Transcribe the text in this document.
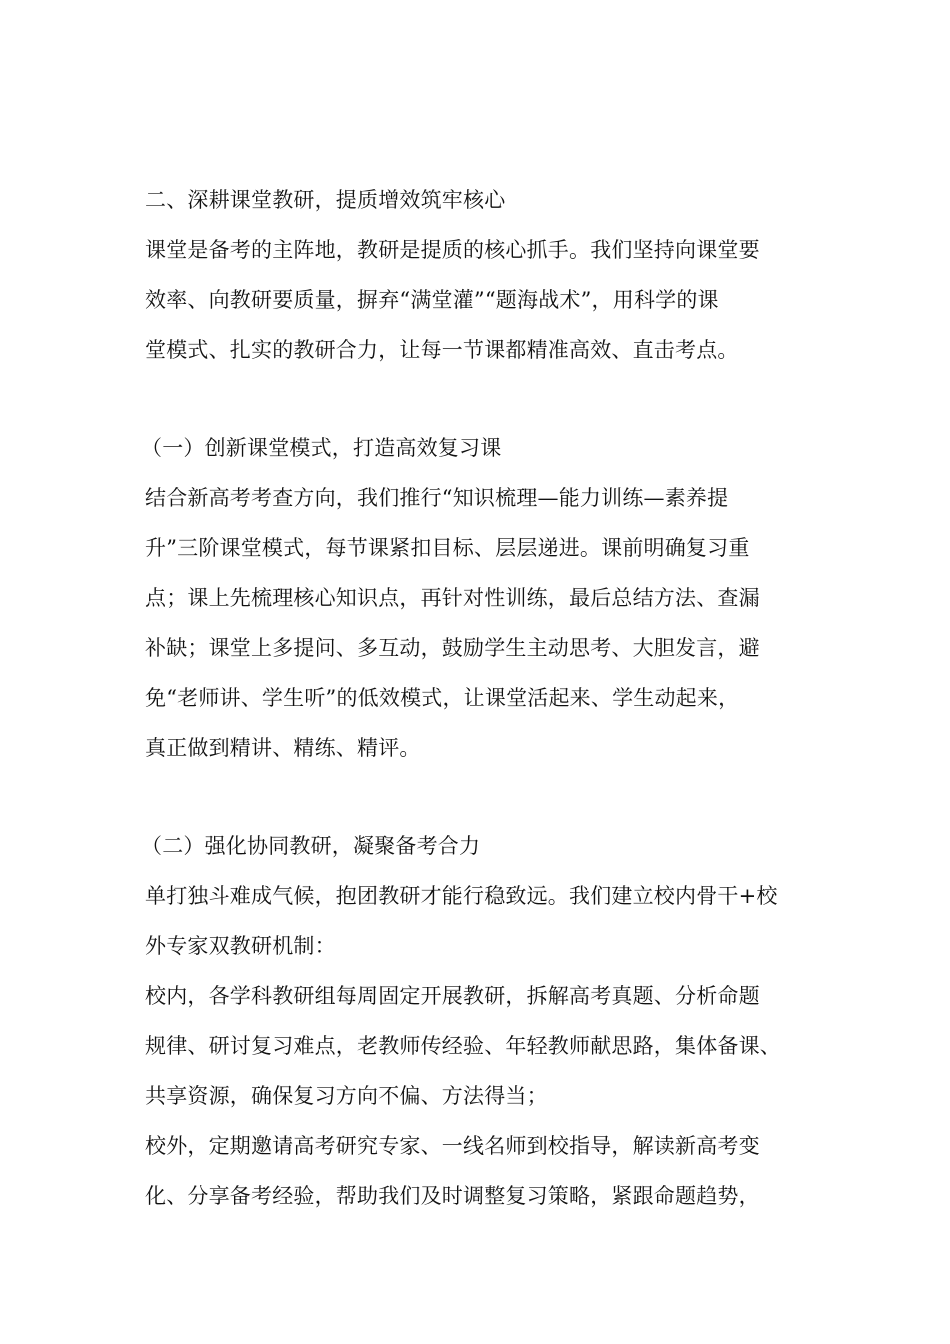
二、深耕课堂教研，提质增效筑牢核心
课堂是备考的主阵地，教研是提质的核心抓手。我们坚持向课堂要
效率、向教研要质量，摒弃“满堂灌”“题海战术”，用科学的课
堂模式、扎实的教研合力，让每一节课都精准高效、直击考点。
（一）创新课堂模式，打造高效复习课
结合新高考考查方向，我们推行“知识梳理—能力训练—素养提
升”三阶课堂模式，每节课紧扣目标、层层递进。课前明确复习重
点；课上先梳理核心知识点，再针对性训练，最后总结方法、查漏
补缺；课堂上多提问、多互动，鼓励学生主动思考、大胆发言，避
免“老师讲、学生听”的低效模式，让课堂活起来、学生动起来，
真正做到精讲、精练、精评。
（二）强化协同教研，凝聚备考合力
单打独斗难成气候，抱团教研才能行稳致远。我们建立校内骨干+校
外专家双教研机制：
校内，各学科教研组每周固定开展教研，拆解高考真题、分析命题
规律、研讨复习难点，老教师传经验、年轻教师献思路，集体备课、
共享资源，确保复习方向不偏、方法得当；
校外，定期邀请高考研究专家、一线名师到校指导，解读新高考变
化、分享备考经验，帮助我们及时调整复习策略，紧跟命题趋势，
